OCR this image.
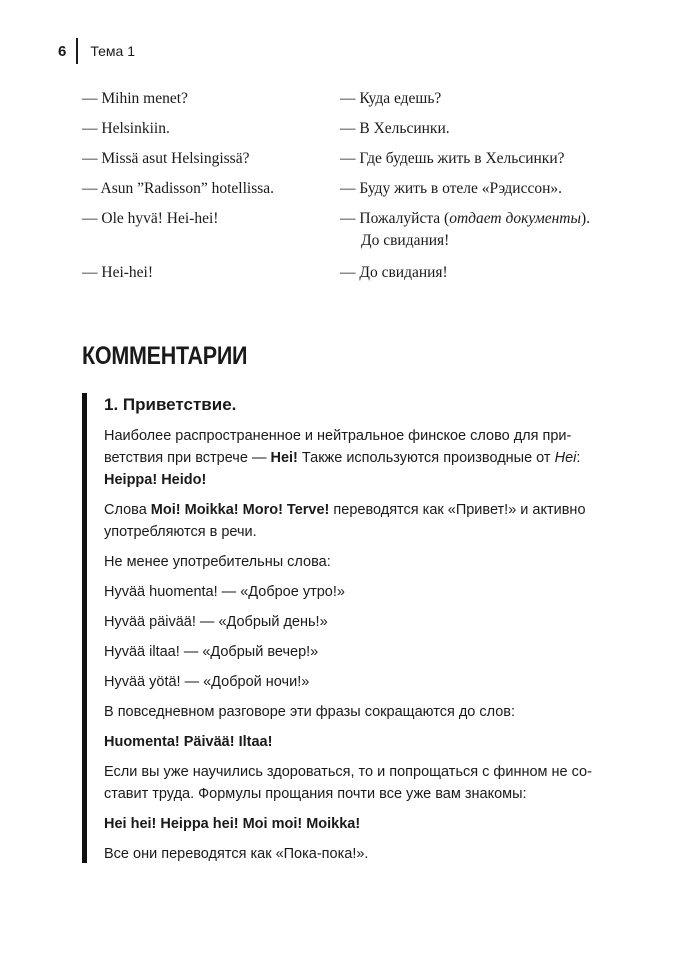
6 Тема 1
— Mihin menet?	— Куда едешь?
— Helsinkiin.	— В Хельсинки.
— Missä asut Helsingissä?	— Где будешь жить в Хельсинки?
— Asun ”Radisson” hotellissa.	— Буду жить в отеле «Рэдиссон».
— Ole hyvä! Hei-hei!	— Пожалуйста (отдает документы).
До свидания!
— Hei-hei!	— До свидания!
КОММЕНТАРИИ

1. Приветствие.

Наиболее распространенное и нейтральное финское слово для при-
ветствия при встрече — Hei! Также используются производные от Hei:
Heippa! Heido!

Слова Moi! Moikka! Moro! Terve! переводятся как «Привет!» и активно
употребляются в речи.

Не менее употребительны слова:

Hyvää huomenta! — «Доброе утро!»

Hyvää päivää! — «Добрый день!»

Hyvää iltaa! — «Добрый вечер!»

Hyvää yötä! — «Доброй ночи!»

В повседневном разговоре эти фразы сокращаются до слов:

Huomenta! Päivää! Iltaa!

Если вы уже научились здороваться, то и попрощаться с финном не со-
ставит труда. Формулы прощания почти все уже вам знакомы:

Hei hei! Heippa hei! Moi moi! Moikka!

Все они переводятся как «Пока-пока!».
